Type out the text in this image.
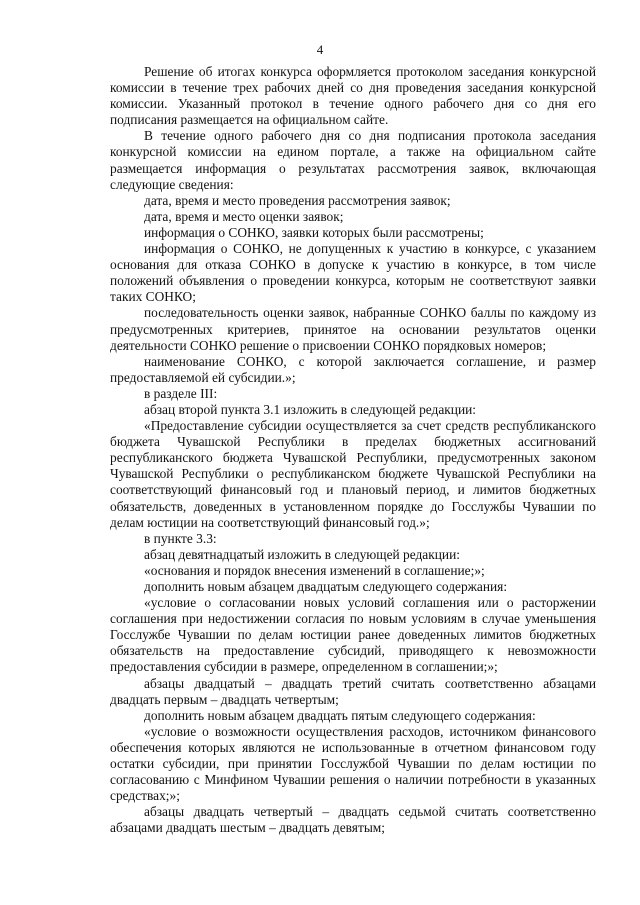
4

Решение об итогах конкурса оформляется протоколом заседания конкурсной комиссии в течение трех рабочих дней со дня проведения заседания конкурсной комиссии. Указанный протокол в течение одного рабочего дня со дня его подписания размещается на официальном сайте.

В течение одного рабочего дня со дня подписания протокола заседания конкурсной комиссии на едином портале, а также на официальном сайте размещается информация о результатах рассмотрения заявок, включающая следующие сведения:

дата, время и место проведения рассмотрения заявок;

дата, время и место оценки заявок;

информация о СОНКО, заявки которых были рассмотрены;

информация о СОНКО, не допущенных к участию в конкурсе, с указанием основания для отказа СОНКО в допуске к участию в конкурсе, в том числе положений объявления о проведении конкурса, которым не соответствуют заявки таких СОНКО;

последовательность оценки заявок, набранные СОНКО баллы по каждому из предусмотренных критериев, принятое на основании результатов оценки деятельности СОНКО решение о присвоении СОНКО порядковых номеров;

наименование СОНКО, с которой заключается соглашение, и размер предоставляемой ей субсидии.»;

в разделе III:

абзац второй пункта 3.1 изложить в следующей редакции:

«Предоставление субсидии осуществляется за счет средств республиканского бюджета Чувашской Республики в пределах бюджетных ассигнований республиканского бюджета Чувашской Республики, предусмотренных законом Чувашской Республики о республиканском бюджете Чувашской Республики на соответствующий финансовый год и плановый период, и лимитов бюджетных обязательств, доведенных в установленном порядке до Госслужбы Чувашии по делам юстиции на соответствующий финансовый год.»;

в пункте 3.3:

абзац девятнадцатый изложить в следующей редакции:

«основания и порядок внесения изменений в соглашение;»;

дополнить новым абзацем двадцатым следующего содержания:

«условие о согласовании новых условий соглашения или о расторжении соглашения при недостижении согласия по новым условиям в случае уменьшения Госслужбе Чувашии по делам юстиции ранее доведенных лимитов бюджетных обязательств на предоставление субсидий, приводящего к невозможности предоставления субсидии в размере, определенном в соглашении;»;

абзацы двадцатый – двадцать третий считать соответственно абзацами двадцать первым – двадцать четвертым;

дополнить новым абзацем двадцать пятым следующего содержания:

«условие о возможности осуществления расходов, источником финансового обеспечения которых являются не использованные в отчетном финансовом году остатки субсидии, при принятии Госслужбой Чувашии по делам юстиции по согласованию с Минфином Чувашии решения о наличии потребности в указанных средствах;»;

абзацы двадцать четвертый – двадцать седьмой считать соответственно абзацами двадцать шестым – двадцать девятым;
